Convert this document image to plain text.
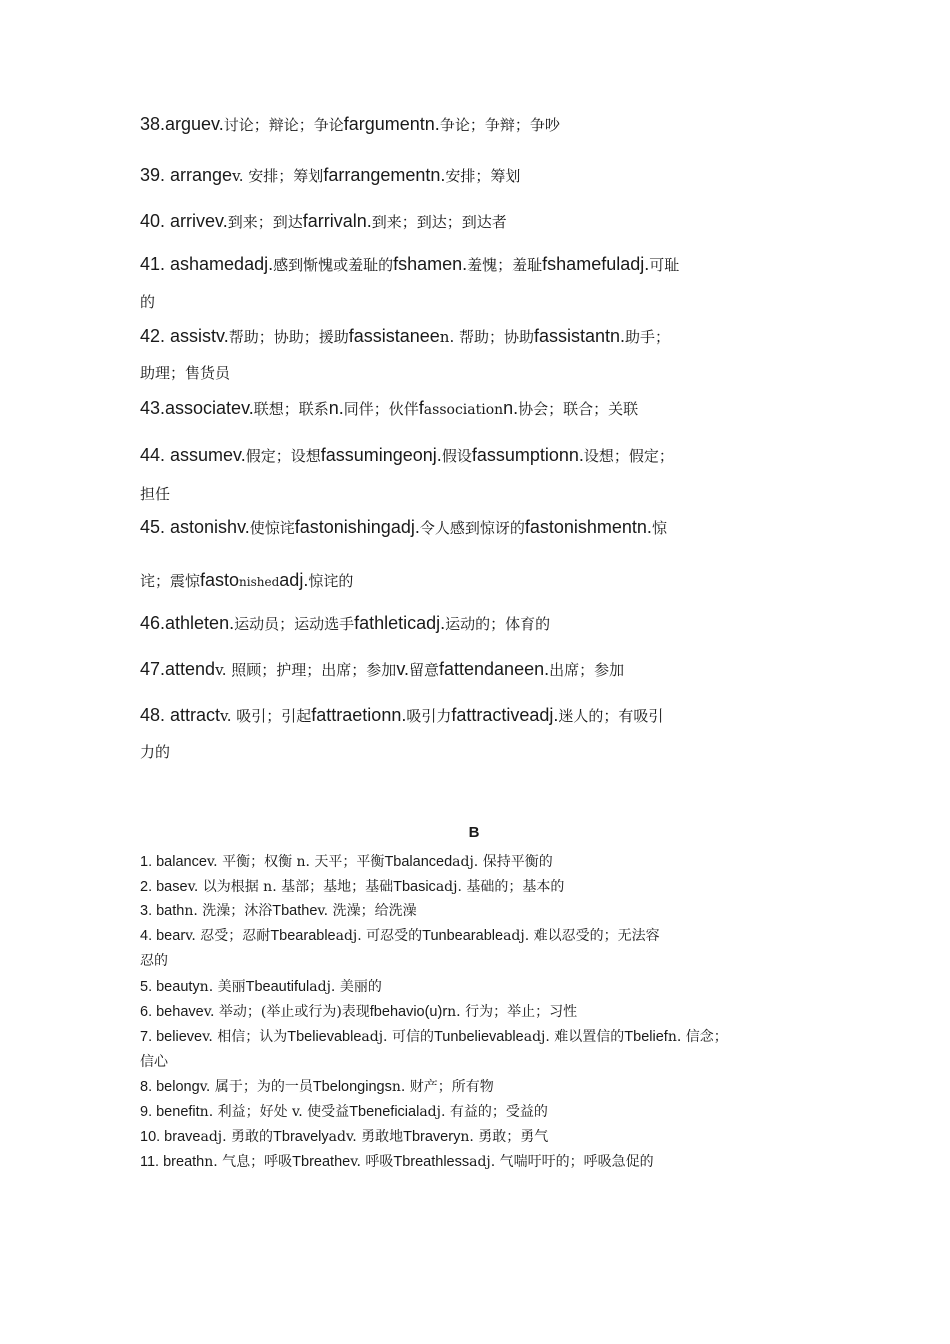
38.arguev.讨论；辩论；争论fargumentn.争论；争辩；争吵
39. arrangev. 安排；筹划farrangementn.安排；筹划
40. arrivev.到来；到达farrivaln.到来；到达；到达者
41. ashamedadj.感到惭愧或羞耻的fshamen.羞愧；羞耻fshamefuladj.可耻
的
42. assistv.帮助；协助；援助fassistaneen. 帮助；协助fassistantn.助手；
助理；售货员
43.associatev.联想；联系n.同伴；伙伴fassociationn.协会；联合；关联
44. assumev.假定；设想fassumingeonj.假设fassumptionn.设想；假定；
担任
45. astonishv.使惊诧fastonishingadj.令人感到惊讶的fastonishmentn.惊
诧；震惊fastonishedadj.惊诧的
46.athleten.运动员；运动选手fathleticadj.运动的；体育的
47.attendv. 照顾；护理；出席；参加v.留意fattendaneen.出席；参加
48. attractv. 吸引；引起fattraetionn.吸引力fattractiveadj.迷人的；有吸引
力的
B
1. balancev. 平衡；权衡 n. 天平；平衡Tbalancedadj. 保持平衡的
2. basev. 以为根据 n. 基部；基地；基础Tbasicadj. 基础的；基本的
3. bathn. 洗澡；沐浴Tbathev. 洗澡；给洗澡
4. bearv. 忍受；忍耐Tbearableadj. 可忍受的Tunbearableadj. 难以忍受的；无法容
忍的
5. beautyn. 美丽Tbeautifuladj. 美丽的
6. behavev. 举动；(举止或行为)表现fbehavio(u)rn. 行为；举止；习性
7. believev. 相信；认为Tbelievableadj. 可信的Tunbelievableadj. 难以置信的Tbeliefn. 信念；
信心
8. belongv. 属于；为的一员Tbelongingsn. 财产；所有物
9. benefitn. 利益；好处 v. 使受益Tbeneficialadj. 有益的；受益的
10. braveadj. 勇敢的Tbravelyadv. 勇敢地Tbraveryn. 勇敢；勇气
11. breathn. 气息；呼吸Tbreathev. 呼吸Tbreathlessadj. 气喘吁吁的；呼吸急促的
